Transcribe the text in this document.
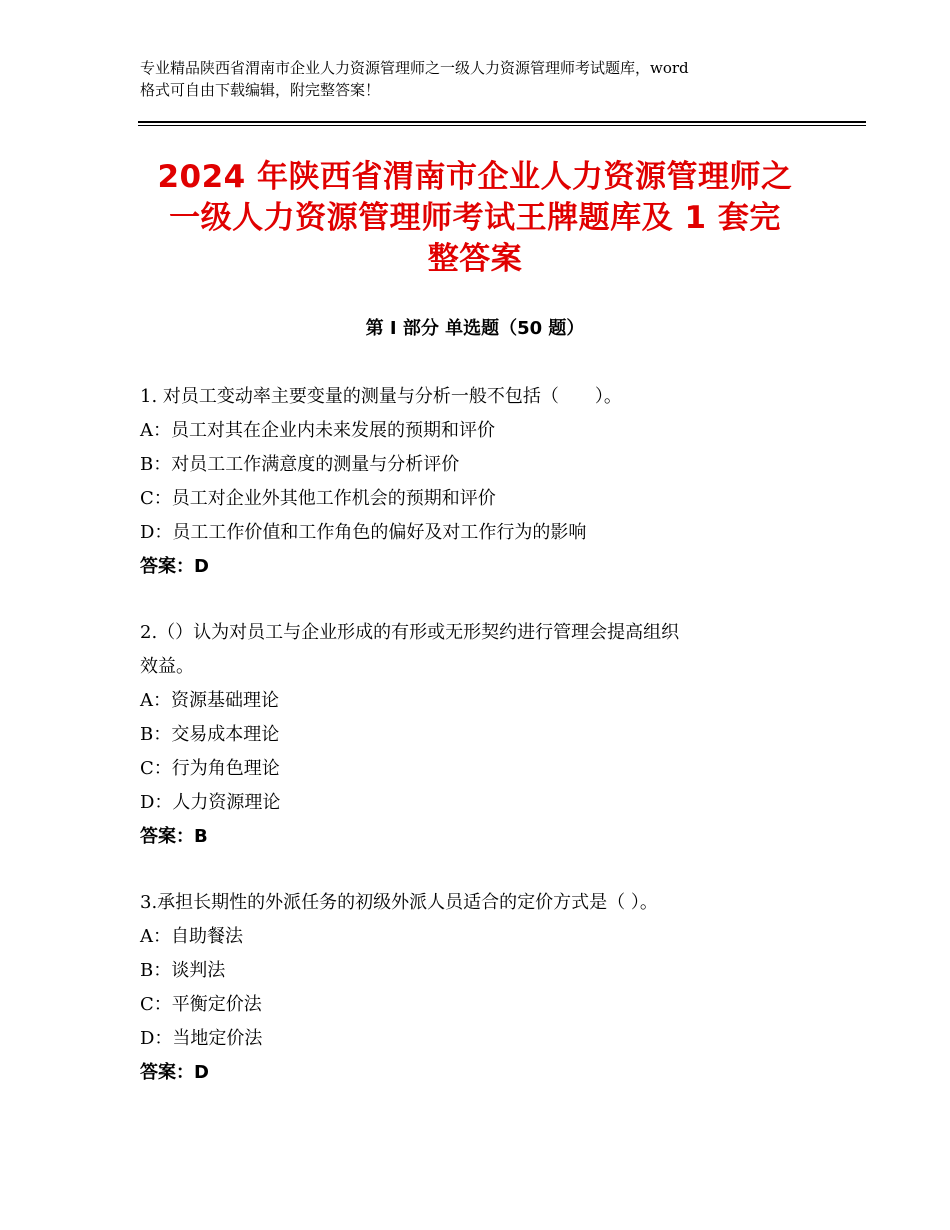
专业精品陕西省渭南市企业人力资源管理师之一级人力资源管理师考试题库，word
格式可自由下载编辑，附完整答案！
2024 年陕西省渭南市企业人力资源管理师之
一级人力资源管理师考试王牌题库及 1 套完
整答案
第 I 部分 单选题（50 题）
1. 对员工变动率主要变量的测量与分析一般不包括（　　）。
A：员工对其在企业内未来发展的预期和评价
B：对员工工作满意度的测量与分析评价
C：员工对企业外其他工作机会的预期和评价
D：员工工作价值和工作角色的偏好及对工作行为的影响
答案：D
2.（）认为对员工与企业形成的有形或无形契约进行管理会提高组织
效益。
A：资源基础理论
B：交易成本理论
C：行为角色理论
D：人力资源理论
答案：B
3.承担长期性的外派任务的初级外派人员适合的定价方式是（ ）。
A：自助餐法
B：谈判法
C：平衡定价法
D：当地定价法
答案：D
